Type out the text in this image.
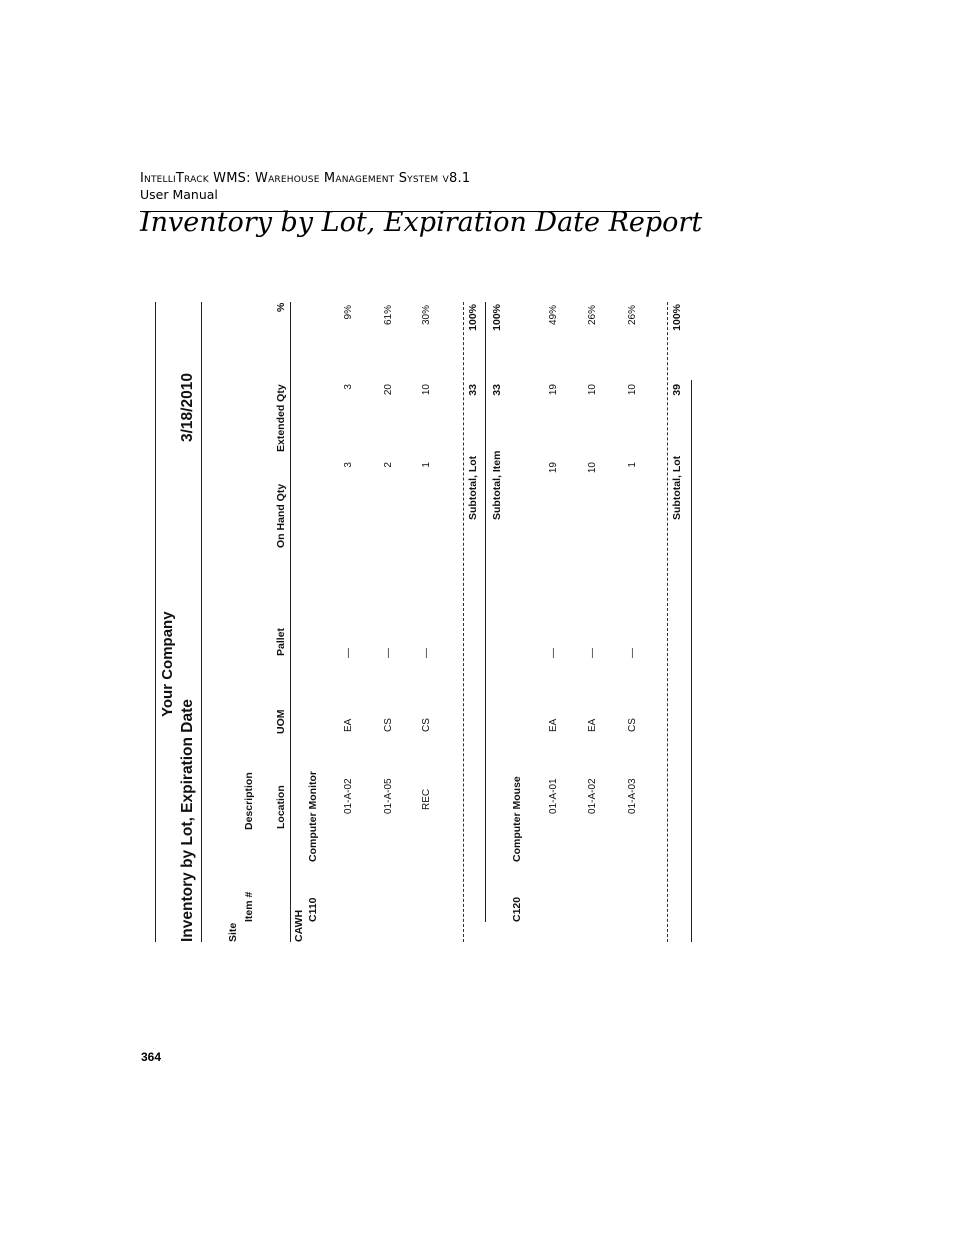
IntelliTrack WMS: Warehouse Management System v8.1
User Manual
Inventory by Lot, Expiration Date Report
Your Company
Inventory by Lot, Expiration Date
3/18/2010
Site
Item #
Description Location
UOM
Pallet
On Hand Qty
Extended Qty
%
CAWH
C110
Computer Monitor 01-A-02
EA
—
3
3
9%
01-A-05
CS
—
2
20
61%
REC
CS
—
1
10
30%
Subtotal, Lot
33
100%
Subtotal, Item
33
100%
C120
Computer Mouse	01-A-01
EA
—
19
19
49%
01-A-02
EA
—
10
10
26%
01-A-03
CS
—
1
10
26%
Subtotal, Lot
39
100%
364
